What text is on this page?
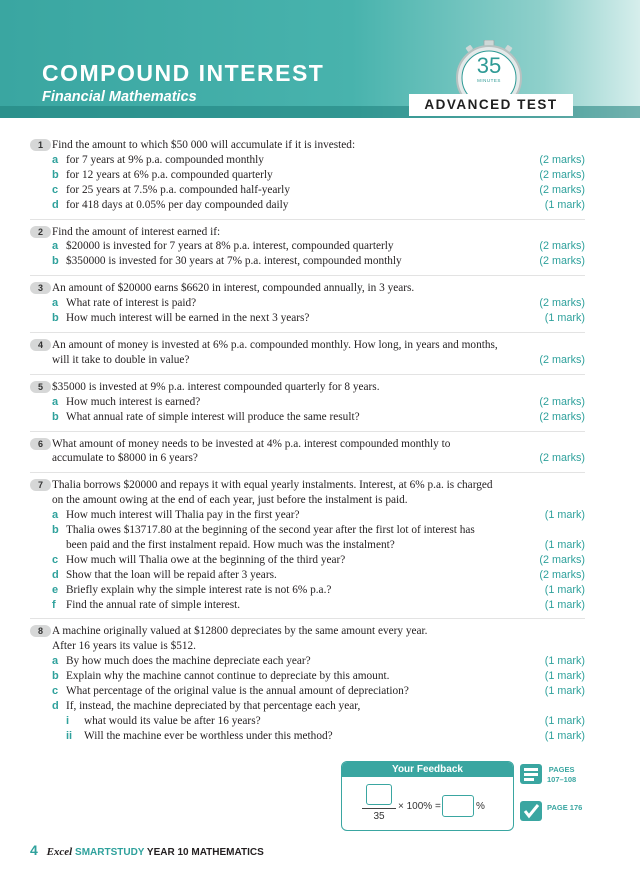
COMPOUND INTEREST
Financial Mathematics
35
MINUTES
ADVANCED TEST
1 Find the amount to which $50 000 will accumulate if it is invested:
a for 7 years at 9% p.a. compounded monthly	(2 marks)
b for 12 years at 6% p.a. compounded quarterly	(2 marks)
c for 25 years at 7.5% p.a. compounded half-yearly	(2 marks)
d for 418 days at 0.05% per day compounded daily	(1 mark)
2 Find the amount of interest earned if:
a $20000 is invested for 7 years at 8% p.a. interest, compounded quarterly	(2 marks)
b $350000 is invested for 30 years at 7% p.a. interest, compounded monthly	(2 marks)
3 An amount of $20000 earns $6620 in interest, compounded annually, in 3 years.
a What rate of interest is paid?	(2 marks)
b How much interest will be earned in the next 3 years?	(1 mark)
4 An amount of money is invested at 6% p.a. compounded monthly. How long, in years and months,
will it take to double in value?	(2 marks)
5 $35000 is invested at 9% p.a. interest compounded quarterly for 8 years.
a How much interest is earned?	(2 marks)
b What annual rate of simple interest will produce the same result?	(2 marks)
6 What amount of money needs to be invested at 4% p.a. interest compounded monthly to
accumulate to $8000 in 6 years?	(2 marks)
7 Thalia borrows $20000 and repays it with equal yearly instalments. Interest, at 6% p.a. is charged
on the amount owing at the end of each year, just before the instalment is paid.
a How much interest will Thalia pay in the first year?	(1 mark)
b Thalia owes $13717.80 at the beginning of the second year after the first lot of interest has
been paid and the first instalment repaid. How much was the instalment?	(1 mark)
c How much will Thalia owe at the beginning of the third year?	(2 marks)
d Show that the loan will be repaid after 3 years.	(2 marks)
e Briefly explain why the simple interest rate is not 6% p.a.?	(1 mark)
f Find the annual rate of simple interest.	(1 mark)
8 A machine originally valued at $12800 depreciates by the same amount every year.
After 16 years its value is $512.
a By how much does the machine depreciate each year?	(1 mark)
b Explain why the machine cannot continue to depreciate by this amount.	(1 mark)
c What percentage of the original value is the annual amount of depreciation?	(1 mark)
d If, instead, the machine depreciated by that percentage each year,
i	what would its value be after 16 years?	(1 mark)
ii	Will the machine ever be worthless under this method?	(1 mark)
Your Feedback
35
× 100% =	%
PAGES
107–108
PAGE 176
4 Excel SMARTSTUDY YEAR 10 MATHEMATICS
